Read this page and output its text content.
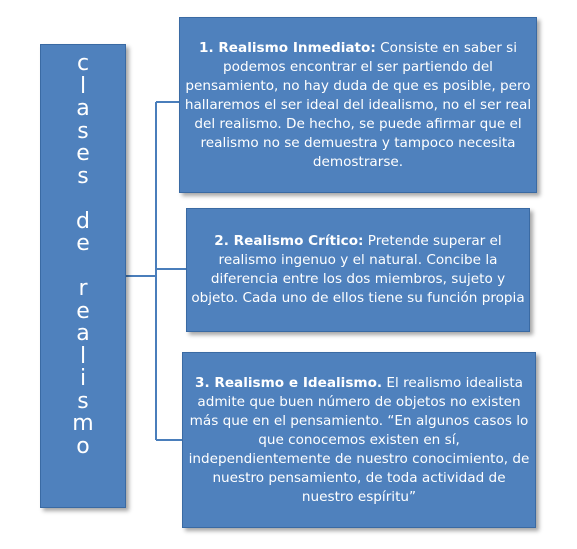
c
l
a
s
e
s
d
e
r
e
a
l
i
s
m
o
1. Realismo Inmediato: Consiste en saber si podemos encontrar el ser partiendo del pensamiento, no hay duda de que es posible, pero hallaremos el ser ideal del idealismo, no el ser real del realismo. De hecho, se puede afirmar que el realismo no se demuestra y tampoco necesita demostrarse.
2. Realismo Crítico: Pretende superar el realismo ingenuo y el natural. Concibe la diferencia entre los dos miembros, sujeto y objeto. Cada uno de ellos tiene su función propia
3. Realismo e Idealismo. El realismo idealista admite que buen número de objetos no existen más que en el pensamiento. “En algunos casos lo que conocemos existen en sí, independientemente de nuestro conocimiento, de nuestro pensamiento, de toda actividad de nuestro espíritu”
